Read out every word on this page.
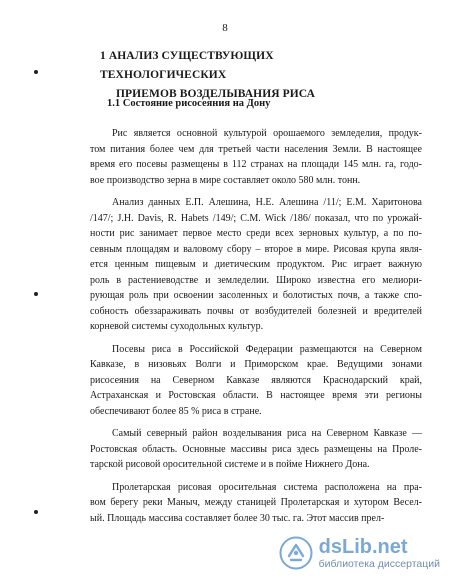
8
1 АНАЛИЗ СУЩЕСТВУЮЩИХ ТЕХНОЛОГИЧЕСКИХ
ПРИЕМОВ ВОЗДЕЛЫВАНИЯ РИСА
1.1 Состояние рисосеяния на Дону
Рис является основной культурой орошаемого земледелия, продук-
том питания более чем для третьей части населения Земли. В настоящее
время его посевы размещены в 112 странах на площади 145 млн. га, годо-
вое производство зерна в мире составляет около 580 млн. тонн.
Анализ данных Е.П. Алешина, Н.Е. Алешина /11/; Е.М. Харитонова
/147/; J.H. Davis, R. Habets /149/; C.M. Wick /186/ показал, что по урожай-
ности рис занимает первое место среди всех зерновых культур, а по по-
севным площадям и валовому сбору – второе в мире. Рисовая крупа явля-
ется ценным пищевым и диетическим продуктом. Рис играет важную
роль в растениеводстве и земледелии. Широко известна его мелиори-
рующая роль при освоении засоленных и болотистых почв, а также спо-
собность обеззараживать почвы от возбудителей болезней и вредителей
корневой системы суходольных культур.
Посевы риса в Российской Федерации размещаются на Северном
Кавказе, в низовьях Волги и Приморском крае. Ведущими зонами
рисосеяния на Северном Кавказе являются Краснодарский край,
Астраханская и Ростовская области. В настоящее время эти регионы
обеспечивают более 85 % риса в стране.
Самый северный район возделывания риса на Северном Кавказе —
Ростовская область. Основные массивы риса здесь размещены на Проле-
тарской рисовой оросительной системе и в пойме Нижнего Дона.
Пролетарская рисовая оросительная система расположена на пра-
вом берегу реки Маныч, между станицей Пролетарская и хутором Весел-
ый. Площадь массива составляет более 30 тыс. га. Этот массив прел-
dsLib.net
библиотека диссертаций
